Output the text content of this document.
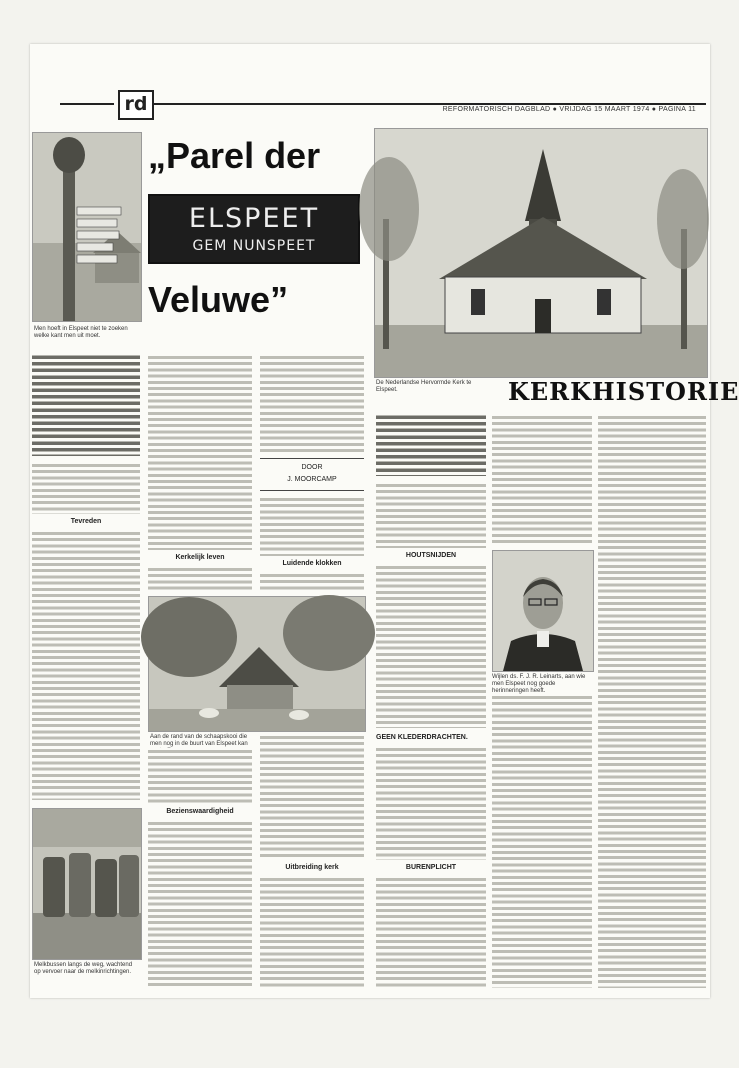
rd	REFORMATORISCH DAGBLAD ● VRIJDAG 15 MAART 1974 ● PAGINA 11
Men hoeft in Elspeet niet te zoeken welke kant men uit moet.
„Parel der
ELSPEET
GEM NUNSPEET
Veluwe”
De Nederlandse Hervormde Kerk te Elspeet.	KERKHISTORIE
Tevreden
Kerkelijk leven
DOOR
J. MOORCAMP
Luidende klokken
Aan de rand van de schaapskooi die men nog in de buurt van Elspeet kan
Bezienswaardigheid
Uitbreiding kerk
Melkbussen langs de weg, wachtend op vervoer naar de melkinrichtingen.
HOUTSNIJDEN
GEEN KLEDERDRACHTEN.
BURENPLICHT
Wijlen ds. F. J. R. Leinarts, aan wie men Elspeet nog goede herinneringen heeft.
